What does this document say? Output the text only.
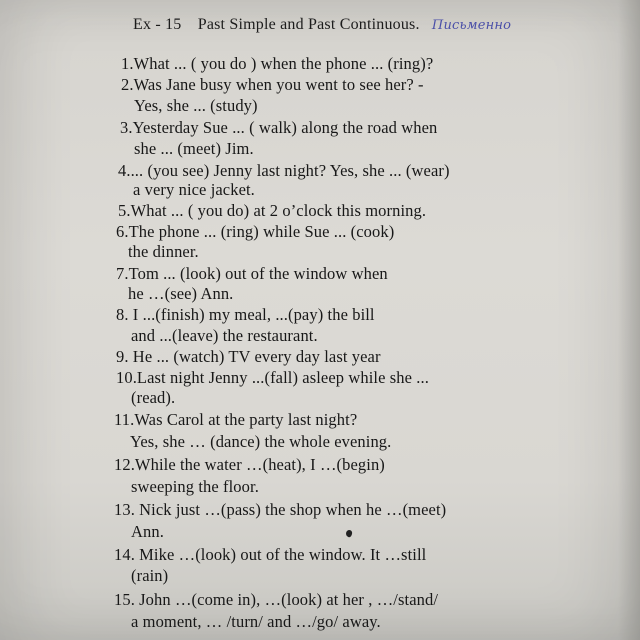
Ex - 15 Past Simple and Past Continuous. Письменно
1.What ... ( you do ) when the phone ... (ring)?
2.Was Jane busy when you went to see her? -
Yes, she ... (study)
3.Yesterday Sue ... ( walk) along the road when
she ... (meet) Jim.
4.... (you see) Jenny last night? Yes, she ... (wear)
a very nice jacket.
5.What ... ( you do) at 2 o’clock this morning.
6.The phone ... (ring) while Sue ... (cook)
the dinner.
7.Tom ... (look) out of the window when
he …(see) Ann.
8. I ...(finish) my meal, ...(pay) the bill
and ...(leave) the restaurant.
9. He ... (watch) TV every day last year
10.Last night Jenny ...(fall) asleep while she ...
(read).
11.Was Carol at the party last night?
Yes, she … (dance) the whole evening.
12.While the water …(heat), I …(begin)
sweeping the floor.
13. Nick just …(pass) the shop when he …(meet)
Ann.
14. Mike …(look) out of the window. It …still
(rain)
15. John …(come in), …(look) at her , …/stand/
a moment, … /turn/ and …/go/ away.
